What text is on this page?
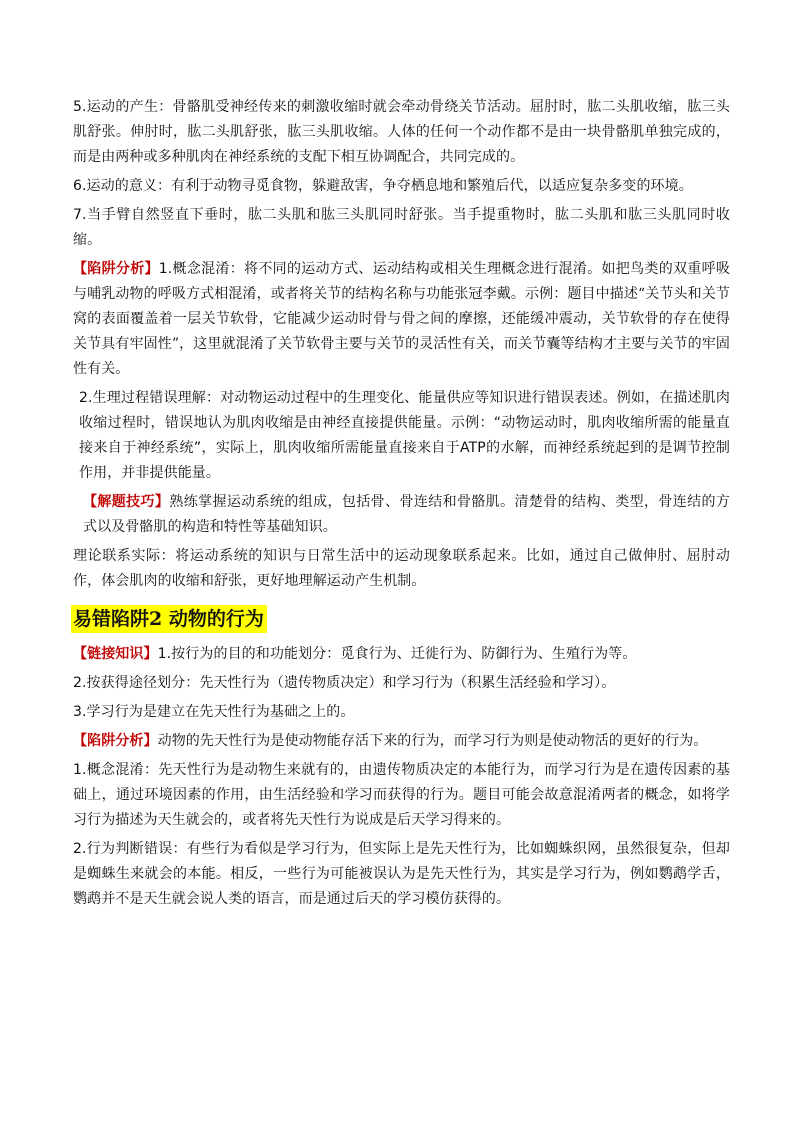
5.运动的产生：骨骼肌受神经传来的刺激收缩时就会牵动骨绕关节活动。屈肘时，肱二头肌收缩，肱三头肌舒张。伸肘时，肱二头肌舒张，肱三头肌收缩。人体的任何一个动作都不是由一块骨骼肌单独完成的，而是由两种或多种肌肉在神经系统的支配下相互协调配合，共同完成的。

6.运动的意义：有利于动物寻觅食物，躲避敌害，争夺栖息地和繁殖后代，以适应复杂多变的环境。

7.当手臂自然竖直下垂时，肱二头肌和肱三头肌同时舒张。当手提重物时，肱二头肌和肱三头肌同时收缩。

【陷阱分析】1.概念混淆：将不同的运动方式、运动结构或相关生理概念进行混淆。如把鸟类的双重呼吸与哺乳动物的呼吸方式相混淆，或者将关节的结构名称与功能张冠李戴。示例：题目中描述“关节头和关节窝的表面覆盖着一层关节软骨，它能减少运动时骨与骨之间的摩擦，还能缓冲震动，关节软骨的存在使得关节具有牢固性”，这里就混淆了关节软骨主要与关节的灵活性有关，而关节囊等结构才主要与关节的牢固性有关。

2.生理过程错误理解：对动物运动过程中的生理变化、能量供应等知识进行错误表述。例如，在描述肌肉收缩过程时，错误地认为肌肉收缩是由神经直接提供能量。示例：“动物运动时，肌肉收缩所需的能量直接来自于神经系统”，实际上，肌肉收缩所需能量直接来自于ATP的水解，而神经系统起到的是调节控制作用，并非提供能量。

【解题技巧】熟练掌握运动系统的组成，包括骨、骨连结和骨骼肌。清楚骨的结构、类型，骨连结的方式以及骨骼肌的构造和特性等基础知识。

理论联系实际：将运动系统的知识与日常生活中的运动现象联系起来。比如，通过自己做伸肘、屈肘动作，体会肌肉的收缩和舒张，更好地理解运动产生机制。

易错陷阱2 动物的行为

【链接知识】1.按行为的目的和功能划分：觅食行为、迁徙行为、防御行为、生殖行为等。

2.按获得途径划分：先天性行为（遗传物质决定）和学习行为（积累生活经验和学习）。

3.学习行为是建立在先天性行为基础之上的。

【陷阱分析】动物的先天性行为是使动物能存活下来的行为，而学习行为则是使动物活的更好的行为。

1.概念混淆：先天性行为是动物生来就有的，由遗传物质决定的本能行为，而学习行为是在遗传因素的基础上，通过环境因素的作用，由生活经验和学习而获得的行为。题目可能会故意混淆两者的概念，如将学习行为描述为天生就会的，或者将先天性行为说成是后天学习得来的。

2.行为判断错误：有些行为看似是学习行为，但实际上是先天性行为，比如蜘蛛织网，虽然很复杂，但却是蜘蛛生来就会的本能。相反，一些行为可能被误认为是先天性行为，其实是学习行为，例如鹦鹉学舌，鹦鹉并不是天生就会说人类的语言，而是通过后天的学习模仿获得的。
